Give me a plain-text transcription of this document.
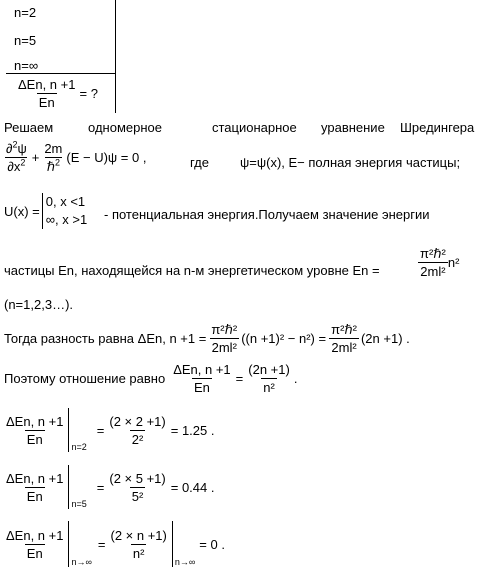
n=2
n=5
n=∞
$\frac{\text{ΔEn, n +1}}{En}$ = ?
Решаем	одномерное	стационарное уравнение Шредингера
$\frac{\partial^2\psi}{\partial x^2} + \frac{2m}{\hbar^2} (E - U)\psi = 0$ ,	где ψ=ψ(x), E− полная энергия частицы;
U(x) =
0, x <1
∞, x >1 - потенциальная энергия.Получаем значение энергии
частицы En, находящейся на n-м энергетическом уровне En =	$\frac{\text{π²ℏ²}}{\text{2ml²}} n^2$
(n=1,2,3…).
Тогда разность равна ΔEn, $n +1 = \frac{\text{π²ℏ²}}{\text{2ml²}} ((n +1)^2 - n^2) = \frac{\text{π²ℏ²}}{\text{2ml²}} (2n +1)$ .
Поэтому отношение равно $\frac{\text{ΔEn, n +1}}{En} = \frac{(2n +1)}{\text{n²}}$ .
$\frac{\text{ΔEn, n +1}}{En}$
n=2
= $\frac{(2 \times 2 +1)}{\text{2²}} = 1.25$ .
$\frac{\text{ΔEn, n +1}}{En}$
n=5
= $\frac{(2 \times 5 +1)}{\text{5²}} = 0.44$ .
$\frac{\text{ΔEn, n +1}}{En}$
n→∞
= $\frac{(2 \times n +1)}{\text{n²}}$
n→∞
= 0 .
